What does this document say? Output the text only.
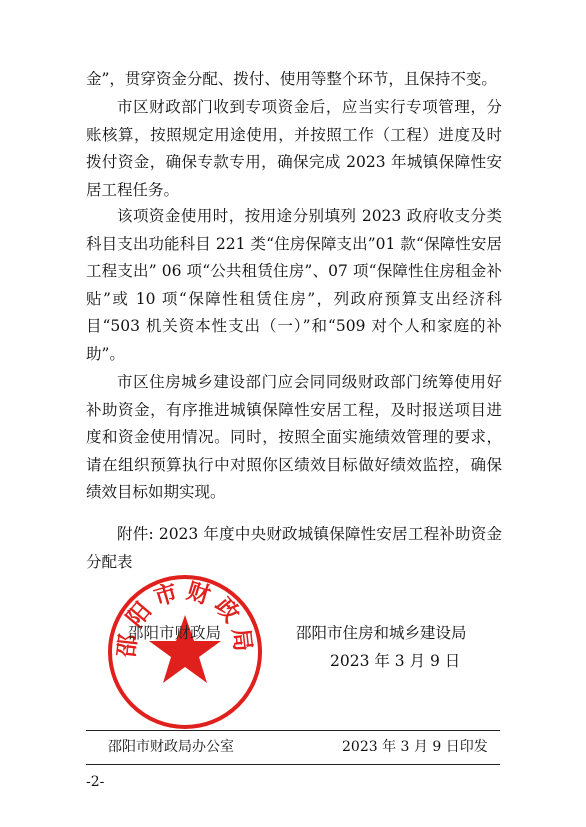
金”，贯穿资金分配、拨付、使用等整个环节，且保持不变。
市区财政部门收到专项资金后，应当实行专项管理，分账核算，按照规定用途使用，并按照工作（工程）进度及时拨付资金，确保专款专用，确保完成 2023 年城镇保障性安居工程任务。
该项资金使用时，按用途分别填列 2023 政府收支分类科目支出功能科目 221 类“住房保障支出”01 款“保障性安居工程支出” 06 项“公共租赁住房”、07 项“保障性住房租金补贴”或 10 项“保障性租赁住房”，列政府预算支出经济科目“503 机关资本性支出（一）”和“509 对个人和家庭的补助”。
市区住房城乡建设部门应会同同级财政部门统筹使用好补助资金，有序推进城镇保障性安居工程，及时报送项目进度和资金使用情况。同时，按照全面实施绩效管理的要求，请在组织预算执行中对照你区绩效目标做好绩效监控，确保绩效目标如期实现。
附件: 2023 年度中央财政城镇保障性安居工程补助资金分配表
邵阳市财政局
邵阳市财政局	邵阳市住房和城乡建设局
2023 年 3 月 9 日
邵阳市财政局办公室	2023 年 3 月 9 日印发
-2-
